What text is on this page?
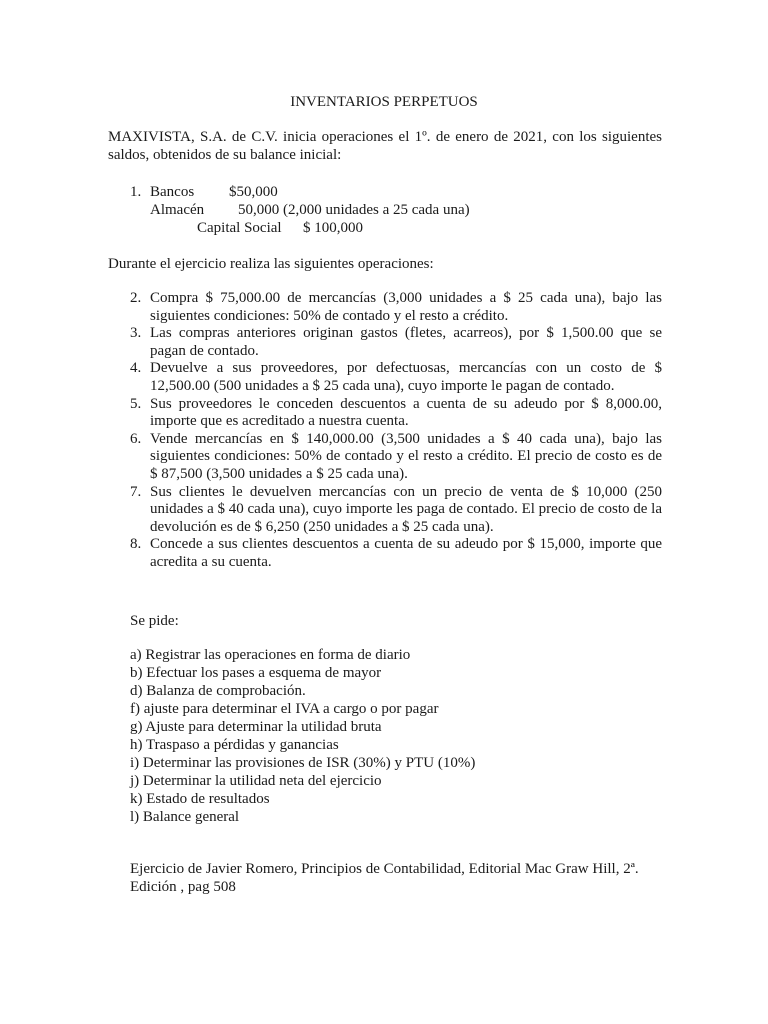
INVENTARIOS PERPETUOS
MAXIVISTA, S.A. de C.V. inicia operaciones el 1º. de enero de 2021, con los siguientes saldos, obtenidos de su balance inicial:
1. Bancos $50,000
Almacén 50,000 (2,000 unidades a 25 cada una)
Capital Social $ 100,000
Durante el ejercicio realiza las siguientes operaciones:
2. Compra $ 75,000.00 de mercancías (3,000 unidades a $ 25 cada una), bajo las siguientes condiciones: 50% de contado y el resto a crédito.
3. Las compras anteriores originan gastos (fletes, acarreos), por $ 1,500.00 que se pagan de contado.
4. Devuelve a sus proveedores, por defectuosas, mercancías con un costo de $ 12,500.00 (500 unidades a $ 25 cada una), cuyo importe le pagan de contado.
5. Sus proveedores le conceden descuentos a cuenta de su adeudo por $ 8,000.00, importe que es acreditado a nuestra cuenta.
6. Vende mercancías en $ 140,000.00 (3,500 unidades a $ 40 cada una), bajo las siguientes condiciones: 50% de contado y el resto a crédito. El precio de costo es de $ 87,500 (3,500 unidades a $ 25 cada una).
7. Sus clientes le devuelven mercancías con un precio de venta de $ 10,000 (250 unidades a $ 40 cada una), cuyo importe les paga de contado. El precio de costo de la devolución es de $ 6,250 (250 unidades a $ 25 cada una).
8. Concede a sus clientes descuentos a cuenta de su adeudo por $ 15,000, importe que acredita a su cuenta.
Se pide:
a) Registrar las operaciones en forma de diario
b) Efectuar los pases a esquema de mayor
d) Balanza de comprobación.
f) ajuste para determinar el IVA a cargo o por pagar
g) Ajuste para determinar la utilidad bruta
h) Traspaso a pérdidas y ganancias
i) Determinar las provisiones de ISR (30%) y PTU (10%)
j) Determinar la utilidad neta del ejercicio
k) Estado de resultados
l) Balance general
Ejercicio de Javier Romero, Principios de Contabilidad, Editorial Mac Graw Hill, 2ª. Edición , pag 508
